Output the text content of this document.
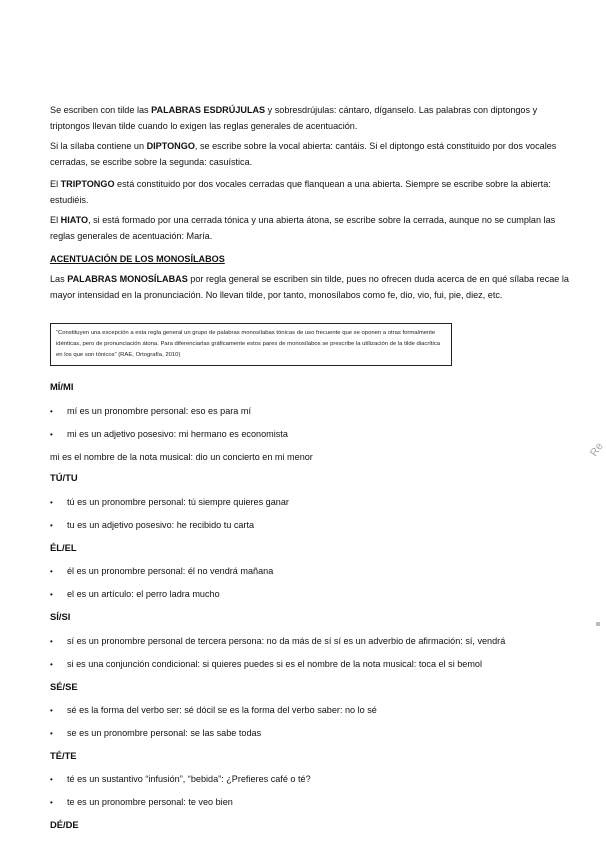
Se escriben con tilde las PALABRAS ESDRÚJULAS y sobresdrújulas: cántaro, díganselo. Las palabras con diptongos y triptongos llevan tilde cuando lo exigen las reglas generales de acentuación.

Si la sílaba contiene un DIPTONGO, se escribe sobre la vocal abierta: cantáis. Si el diptongo está constituido por dos vocales cerradas, se escribe sobre la segunda: casuística.

El TRIPTONGO está constituido por dos vocales cerradas que flanquean a una abierta. Siempre se escribe sobre la abierta: estudiéis.

El HIATO, si está formado por una cerrada tónica y una abierta átona, se escribe sobre la cerrada, aunque no se cumplan las reglas generales de acentuación: María.

ACENTUACIÓN DE LOS MONOSÍLABOS

Las PALABRAS MONOSÍLABAS por regla general se escriben sin tilde, pues no ofrecen duda acerca de en qué sílaba recae la mayor intensidad en la pronunciación. No llevan tilde, por tanto, monosílabos como fe, dio, vio, fui, pie, diez, etc.

“Constituyen una excepción a esta regla general un grupo de palabras monosílabas tónicas de uso frecuente que se oponen a otras formalmente idénticas, pero de pronunciación átona. Para diferenciarlas gráficamente estos pares de monosílabos se prescribe la utilización de la tilde diacrítica en los que son tónicos” (RAE, Ortografía, 2010)

MÍ/MI

• mí es un pronombre personal: eso es para mí
• mi es un adjetivo posesivo: mi hermano es economista
mi es el nombre de la nota musical: dio un concierto en mi menor

TÚ/TU

• tú es un pronombre personal: tú siempre quieres ganar
• tu es un adjetivo posesivo: he recibido tu carta

ÉL/EL

• él es un pronombre personal: él no vendrá mañana
• el es un artículo: el perro ladra mucho

SÍ/SI

• sí es un pronombre personal de tercera persona: no da más de sí sí es un adverbio de afirmación: sí, vendrá
• si es una conjunción condicional: si quieres puedes si es el nombre de la nota musical: toca el si bemol

SÉ/SE

• sé es la forma del verbo ser: sé dócil se es la forma del verbo saber: no lo sé
• se es un pronombre personal: se las sabe todas

TÉ/TE

• té es un sustantivo “infusión”, “bebida”: ¿Prefieres café o té?
• te es un pronombre personal: te veo bien

DÉ/DE

Re
